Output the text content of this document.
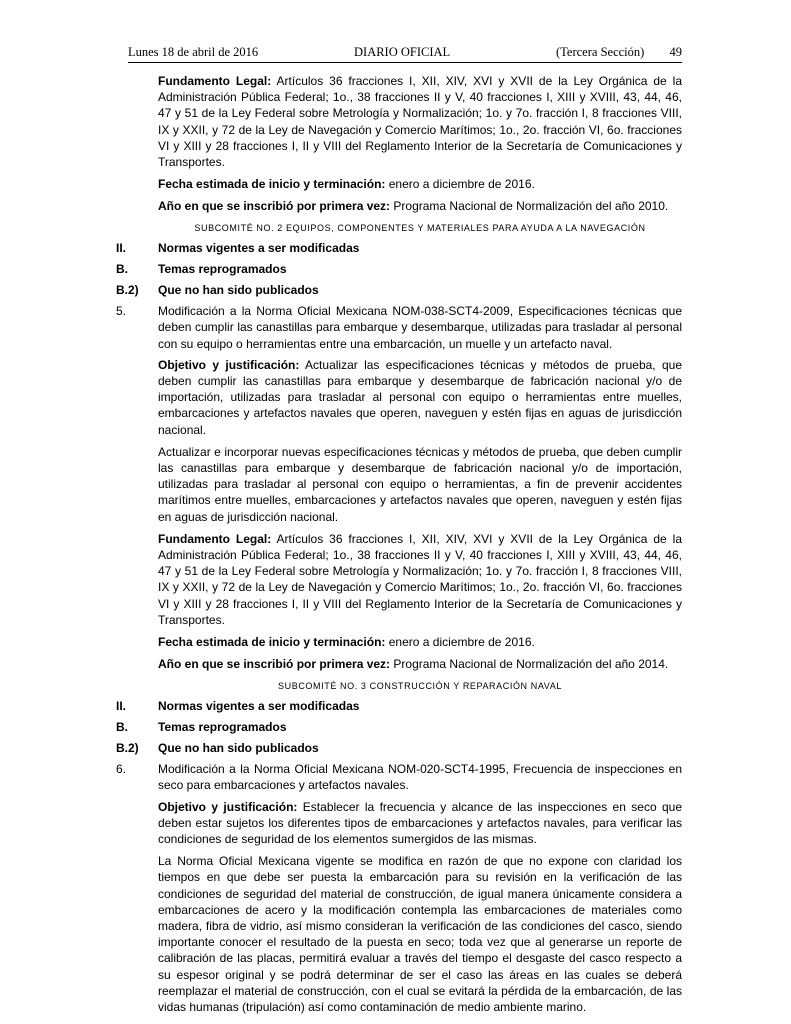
Lunes 18 de abril de 2016	DIARIO OFICIAL	(Tercera Sección) 49

Fundamento Legal: Artículos 36 fracciones I, XII, XIV, XVI y XVII de la Ley Orgánica de la Administración Pública Federal; 1o., 38 fracciones II y V, 40 fracciones I, XIII y XVIII, 43, 44, 46, 47 y 51 de la Ley Federal sobre Metrología y Normalización; 1o. y 7o. fracción I, 8 fracciones VIII, IX y XXII, y 72 de la Ley de Navegación y Comercio Marítimos; 1o., 2o. fracción VI, 6o. fracciones VI y XIII y 28 fracciones I, II y VIII del Reglamento Interior de la Secretaría de Comunicaciones y Transportes.

Fecha estimada de inicio y terminación: enero a diciembre de 2016.

Año en que se inscribió por primera vez: Programa Nacional de Normalización del año 2010.

SUBCOMITÉ NO. 2 EQUIPOS, COMPONENTES Y MATERIALES PARA AYUDA A LA NAVEGACIÓN
II.	Normas vigentes a ser modificadas
B.	Temas reprogramados
B.2)	Que no han sido publicados
5.	Modificación a la Norma Oficial Mexicana NOM-038-SCT4-2009, Especificaciones técnicas que deben cumplir las canastillas para embarque y desembarque, utilizadas para trasladar al personal con su equipo o herramientas entre una embarcación, un muelle y un artefacto naval.

Objetivo y justificación: Actualizar las especificaciones técnicas y métodos de prueba, que deben cumplir las canastillas para embarque y desembarque de fabricación nacional y/o de importación, utilizadas para trasladar al personal con equipo o herramientas entre muelles, embarcaciones y artefactos navales que operen, naveguen y estén fijas en aguas de jurisdicción nacional.

Actualizar e incorporar nuevas especificaciones técnicas y métodos de prueba, que deben cumplir las canastillas para embarque y desembarque de fabricación nacional y/o de importación, utilizadas para trasladar al personal con equipo o herramientas, a fin de prevenir accidentes marítimos entre muelles, embarcaciones y artefactos navales que operen, naveguen y estén fijas en aguas de jurisdicción nacional.

Fundamento Legal: Artículos 36 fracciones I, XII, XIV, XVI y XVII de la Ley Orgánica de la Administración Pública Federal; 1o., 38 fracciones II y V, 40 fracciones I, XIII y XVIII, 43, 44, 46, 47 y 51 de la Ley Federal sobre Metrología y Normalización; 1o. y 7o. fracción I, 8 fracciones VIII, IX y XXII, y 72 de la Ley de Navegación y Comercio Marítimos; 1o., 2o. fracción VI, 6o. fracciones VI y XIII y 28 fracciones I, II y VIII del Reglamento Interior de la Secretaría de Comunicaciones y Transportes.

Fecha estimada de inicio y terminación: enero a diciembre de 2016.

Año en que se inscribió por primera vez: Programa Nacional de Normalización del año 2014.

SUBCOMITÉ NO. 3 CONSTRUCCIÓN Y REPARACIÓN NAVAL
II.	Normas vigentes a ser modificadas
B.	Temas reprogramados
B.2)	Que no han sido publicados
6.	Modificación a la Norma Oficial Mexicana NOM-020-SCT4-1995, Frecuencia de inspecciones en seco para embarcaciones y artefactos navales.

Objetivo y justificación: Establecer la frecuencia y alcance de las inspecciones en seco que deben estar sujetos los diferentes tipos de embarcaciones y artefactos navales, para verificar las condiciones de seguridad de los elementos sumergidos de las mismas.

La Norma Oficial Mexicana vigente se modifica en razón de que no expone con claridad los tiempos en que debe ser puesta la embarcación para su revisión en la verificación de las condiciones de seguridad del material de construcción, de igual manera únicamente considera a embarcaciones de acero y la modificación contempla las embarcaciones de materiales como madera, fibra de vidrio, así mismo consideran la verificación de las condiciones del casco, siendo importante conocer el resultado de la puesta en seco; toda vez que al generarse un reporte de calibración de las placas, permitirá evaluar a través del tiempo el desgaste del casco respecto a su espesor original y se podrá determinar de ser el caso las áreas en las cuales se deberá reemplazar el material de construcción, con el cual se evitará la pérdida de la embarcación, de las vidas humanas (tripulación) así como contaminación de medio ambiente marino.
